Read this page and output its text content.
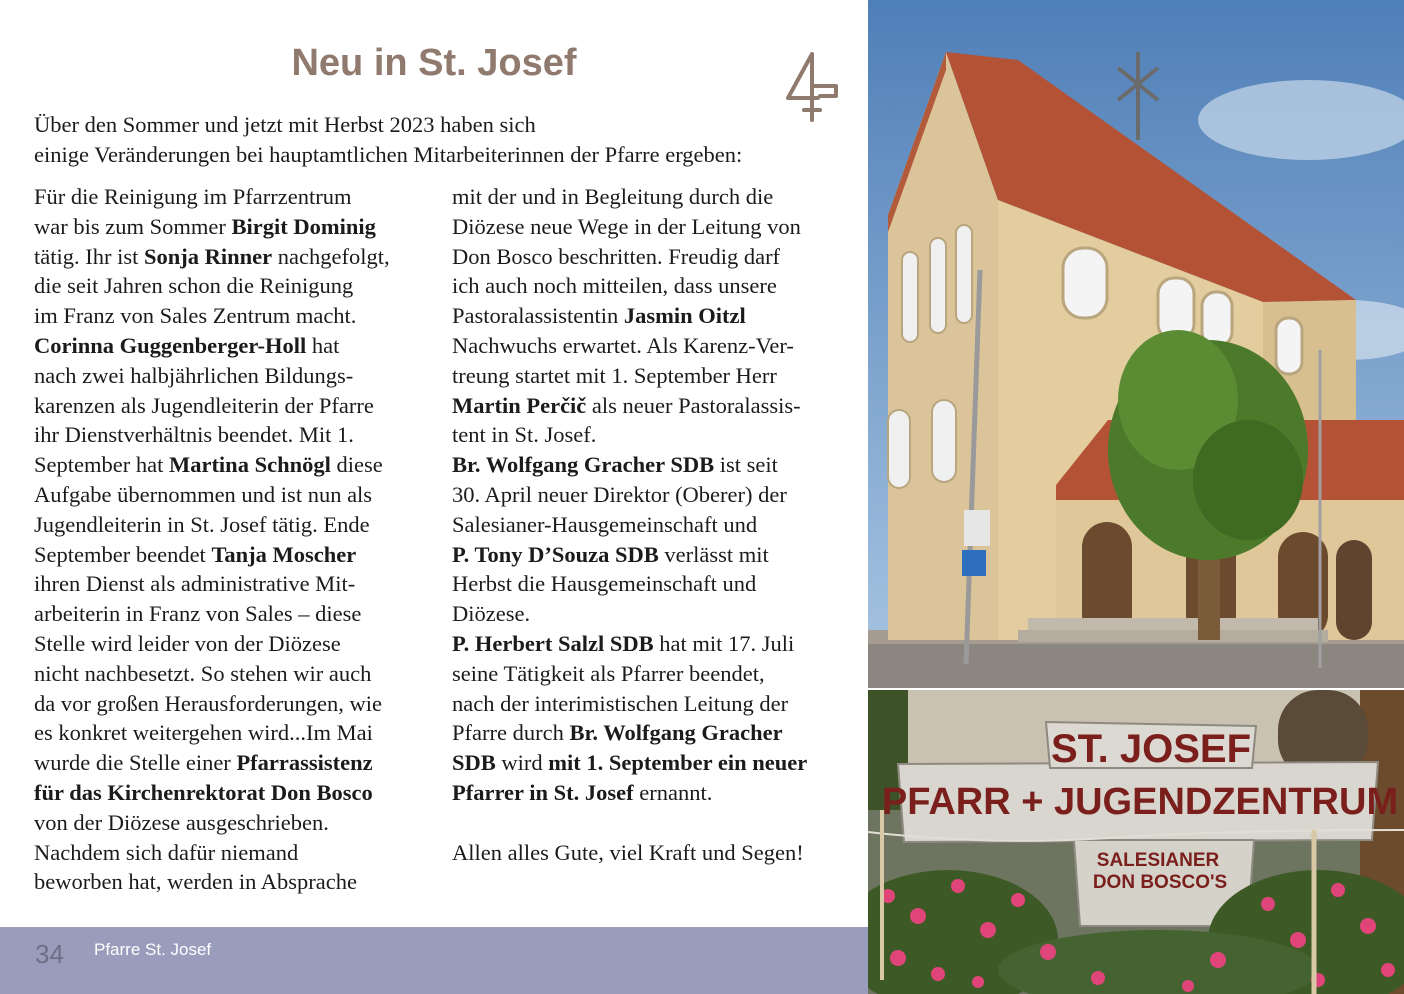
Neu in St. Josef

Über den Sommer und jetzt mit Herbst 2023 haben sich

einige Veränderungen bei hauptamtlichen Mitarbeiterinnen der Pfarre ergeben:

Für die Reinigung im Pfarrzentrum
war bis zum Sommer Birgit Dominig
tätig. Ihr ist Sonja Rinner nachgefolgt,
die seit Jahren schon die Reinigung
im Franz von Sales Zentrum macht.
Corinna Guggenberger-Holl hat
nach zwei halbjährlichen Bildungs-
karenzen als Jugendleiterin der Pfarre
ihr Dienstverhältnis beendet. Mit 1.
September hat Martina Schnögl diese
Aufgabe übernommen und ist nun als
Jugendleiterin in St. Josef tätig. Ende
September beendet Tanja Moscher
ihren Dienst als administrative Mit-
arbeiterin in Franz von Sales – diese
Stelle wird leider von der Diözese
nicht nachbesetzt. So stehen wir auch
da vor großen Herausforderungen, wie
es konkret weitergehen wird...Im Mai
wurde die Stelle einer Pfarrassistenz
für das Kirchenrektorat Don Bosco
von der Diözese ausgeschrieben.
Nachdem sich dafür niemand
beworben hat, werden in Absprache
mit der und in Begleitung durch die
Diözese neue Wege in der Leitung von
Don Bosco beschritten. Freudig darf
ich auch noch mitteilen, dass unsere
Pastoralassistentin Jasmin Oitzl
Nachwuchs erwartet. Als Karenz-Ver-
treung startet mit 1. September Herr
Martin Perčič als neuer Pastoralassis-
tent in St. Josef.
Br. Wolfgang Gracher SDB ist seit
30. April neuer Direktor (Oberer) der
Salesianer-Hausgemeinschaft und
P. Tony D’Souza SDB verlässt mit
Herbst die Hausgemeinschaft und
Diözese.
P. Herbert Salzl SDB hat mit 17. Juli
seine Tätigkeit als Pfarrer beendet,
nach der interimistischen Leitung der
Pfarre durch Br. Wolfgang Gracher
SDB wird mit 1. September ein neuer
Pfarrer in St. Josef ernannt.
Allen alles Gute, viel Kraft und Segen!
34 Pfarre St. Josef
ST. JOSEF
PFARR + JUGENDZENTRUM
SALESIANER
DON BOSCO'S
